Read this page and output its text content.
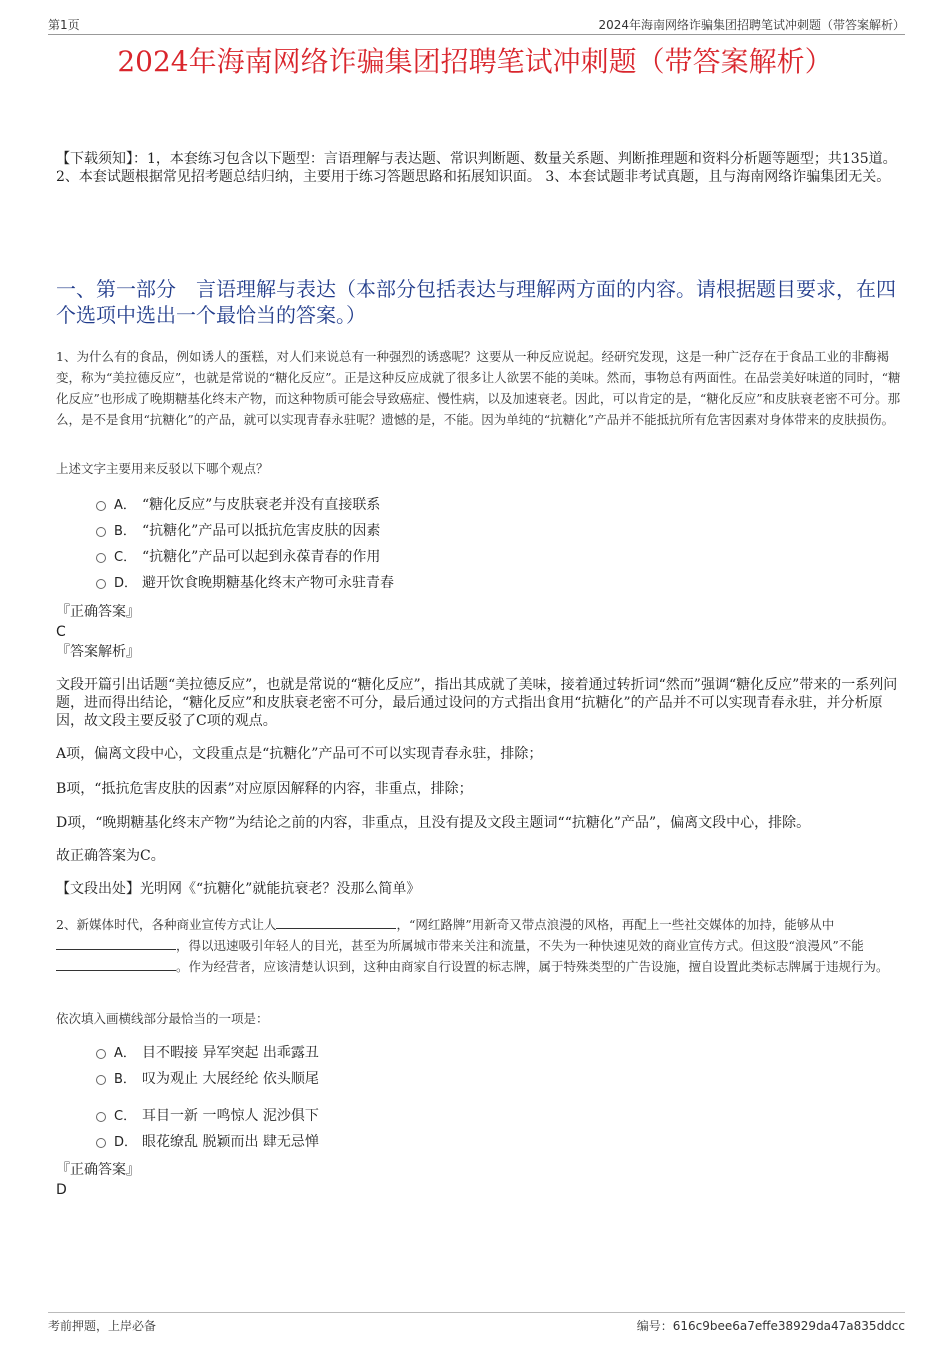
第1页	2024年海南网络诈骗集团招聘笔试冲刺题（带答案解析）
2024年海南网络诈骗集团招聘笔试冲刺题（带答案解析）
【下载须知】：1，本套练习包含以下题型：言语理解与表达题、常识判断题、数量关系题、判断推理题和资料分析题等题型；共135道。 2、本套试题根据常见招考题总结归纳，主要用于练习答题思路和拓展知识面。 3、本套试题非考试真题，且与海南网络诈骗集团无关。
一、第一部分　言语理解与表达（本部分包括表达与理解两方面的内容。请根据题目要求，在四个选项中选出一个最恰当的答案。）
1、为什么有的食品，例如诱人的蛋糕，对人们来说总有一种强烈的诱惑呢？这要从一种反应说起。经研究发现，这是一种广泛存在于食品工业的非酶褐变，称为“美拉德反应”，也就是常说的“糖化反应”。正是这种反应成就了很多让人欲罢不能的美味。然而，事物总有两面性。在品尝美好味道的同时，“糖化反应”也形成了晚期糖基化终末产物，而这种物质可能会导致癌症、慢性病，以及加速衰老。因此，可以肯定的是，“糖化反应”和皮肤衰老密不可分。那么，是不是食用“抗糖化”的产品，就可以实现青春永驻呢？遗憾的是，不能。因为单纯的“抗糖化”产品并不能抵抗所有危害因素对身体带来的皮肤损伤。
上述文字主要用来反驳以下哪个观点？
A． “糖化反应”与皮肤衰老并没有直接联系
B． “抗糖化”产品可以抵抗危害皮肤的因素
C． “抗糖化”产品可以起到永葆青春的作用
D． 避开饮食晚期糖基化终末产物可永驻青春
『正确答案』
C
『答案解析』

文段开篇引出话题“美拉德反应”，也就是常说的“糖化反应”，指出其成就了美味，接着通过转折词“然而”强调“糖化反应”带来的一系列问题，进而得出结论，“糖化反应”和皮肤衰老密不可分，最后通过设问的方式指出食用“抗糖化”的产品并不可以实现青春永驻，并分析原因，故文段主要反驳了C项的观点。

A项，偏离文段中心，文段重点是“抗糖化”产品可不可以实现青春永驻，排除；

B项，“抵抗危害皮肤的因素”对应原因解释的内容，非重点，排除；

D项，“晚期糖基化终末产物”为结论之前的内容，非重点，且没有提及文段主题词““抗糖化”产品”，偏离文段中心，排除。

故正确答案为C。

【文段出处】光明网《“抗糖化”就能抗衰老？没那么简单》

2、新媒体时代，各种商业宣传方式让人	，“网红路牌”用新奇又带点浪漫的风格，再配上一些社交媒体的加持，能够从中，得以迅速吸引年轻人的目光，甚至为所属城市带来关注和流量，不失为一种快速见效的商业宣传方式。但这股“浪漫风”不能。作为经营者，应该清楚认识到，这种由商家自行设置的标志牌，属于特殊类型的广告设施，擅自设置此类标志牌属于违规行为。
依次填入画横线部分最恰当的一项是：
A． 目不暇接 异军突起 出乖露丑
B． 叹为观止 大展经纶 依头顺尾
C． 耳目一新 一鸣惊人 泥沙俱下
D． 眼花缭乱 脱颖而出 肆无忌惮
『正确答案』
D
考前押题，上岸必备	编号：616c9bee6a7effe38929da47a835ddcc
